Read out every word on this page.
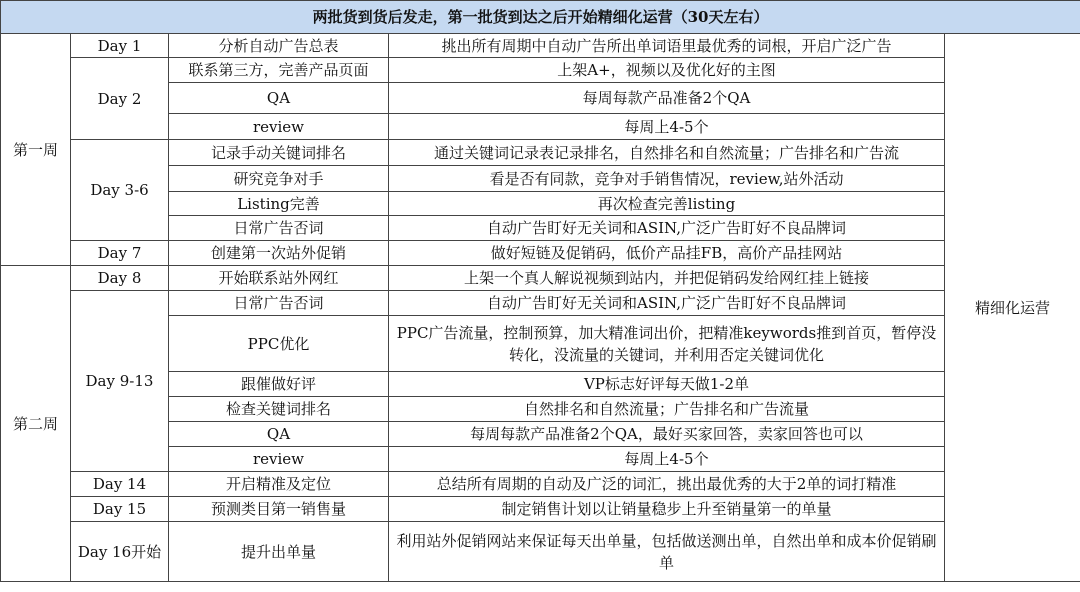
两批货到货后发走，第一批货到达之后开始精细化运营（30天左右）				
第一周	Day 1	分析自动广告总表	挑出所有周期中自动广告所出单词语里最优秀的词根，开启广泛广告	精细化运营
	Day 2	联系第三方，完善产品页面	上架A+，视频以及优化好的主图	
		QA	每周每款产品准备2个QA	
		review	每周上4-5个	
	Day 3-6	记录手动关键词排名	通过关键词记录表记录排名，自然排名和自然流量；广告排名和广告流	
		研究竞争对手	看是否有同款，竞争对手销售情况，review,站外活动	
		Listing完善	再次检查完善listing	
		日常广告否词	自动广告盯好无关词和ASIN,广泛广告盯好不良品牌词	
	Day 7	创建第一次站外促销	做好短链及促销码，低价产品挂FB，高价产品挂网站	
第二周	Day 8	开始联系站外网红	上架一个真人解说视频到站内，并把促销码发给网红挂上链接	
	Day 9-13	日常广告否词	自动广告盯好无关词和ASIN,广泛广告盯好不良品牌词	
		PPC优化	PPC广告流量，控制预算，加大精准词出价，把精准keywords推到首页，暂停没转化，没流量的关键词，并利用否定关键词优化	
		跟催做好评	VP标志好评每天做1-2单	
		检查关键词排名	自然排名和自然流量；广告排名和广告流量	
		QA	每周每款产品准备2个QA，最好买家回答，卖家回答也可以	
		review	每周上4-5个	
	Day 14	开启精准及定位	总结所有周期的自动及广泛的词汇，挑出最优秀的大于2单的词打精准	
	Day 15	预测类目第一销售量	制定销售计划以让销量稳步上升至销量第一的单量	
	Day 16开始	提升出单量	利用站外促销网站来保证每天出单量，包括做送测出单，自然出单和成本价促销刷单	
